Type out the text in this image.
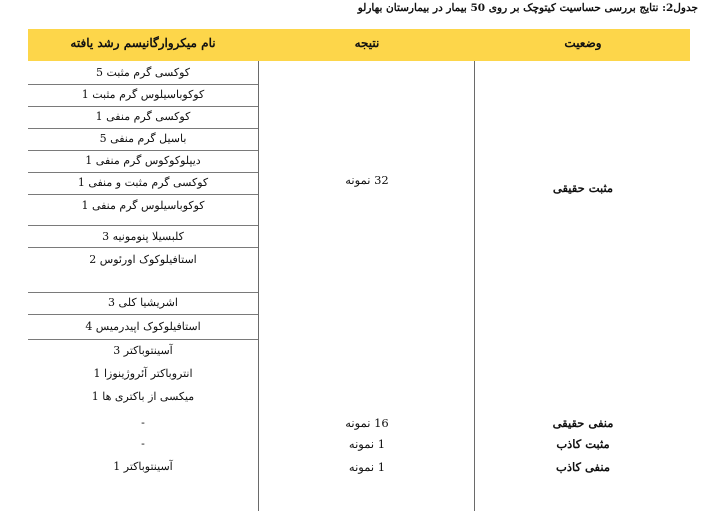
جدول2: نتایج بررسی حساسیت کیتوچک بر روی 50 بیمار در بیمارستان بهارلو
نام میکروارگانیسم رشد یافته	نتیجه	وضعیت
کوکسی گرم مثبت 5
کوکوباسیلوس گرم مثبت 1
کوکسی گرم منفی 1
باسیل گرم منفی 5
دیپلوکوکوس گرم منفی 1
کوکسی گرم مثبت و منفی 1
کوکوباسیلوس گرم منفی 1
کلبسیلا پنومونیه 3
استافیلوکوک اورئوس 2
اشریشیا کلی 3
استافیلوکوک اپیدرمیس 4
آسینتوباکتر 3
انتروباکتر آئروژینوزا 1
میکسی از باکتری ها 1
-
-
آسینتوباکتر 1
32 نمونه
16 نمونه
1 نمونه
1 نمونه
مثبت حقیقی
منفی حقیقی
مثبت کاذب
منفی کاذب
